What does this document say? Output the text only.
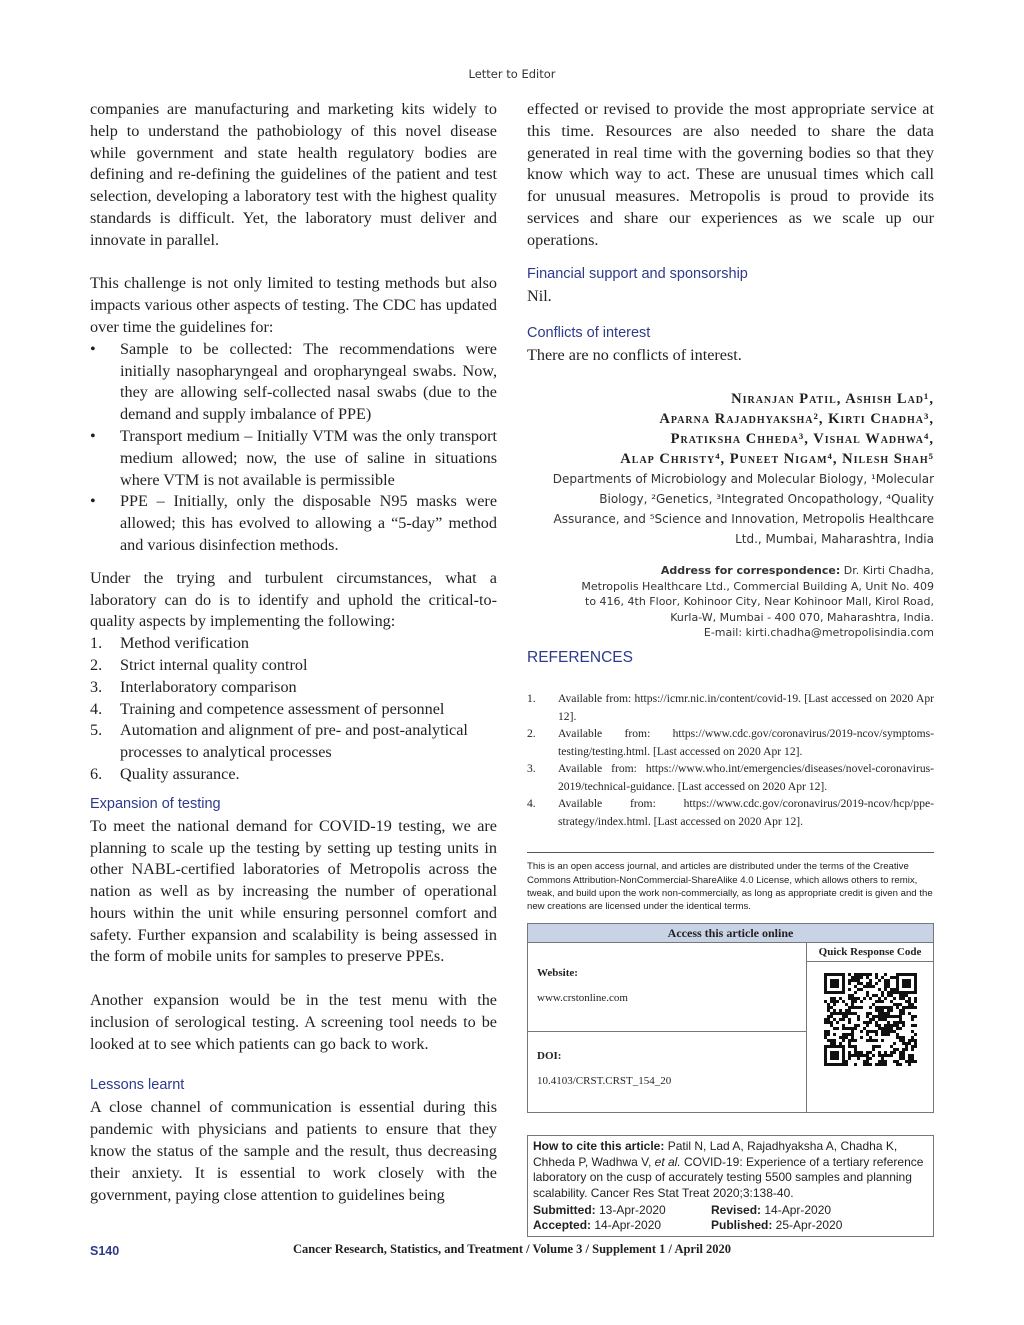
Letter to Editor

companies are manufacturing and marketing kits widely to help to understand the pathobiology of this novel disease while government and state health regulatory bodies are defining and re-defining the guidelines of the patient and test selection, developing a laboratory test with the highest quality standards is difficult. Yet, the laboratory must deliver and innovate in parallel.

This challenge is not only limited to testing methods but also impacts various other aspects of testing. The CDC has updated over time the guidelines for:

• Sample to be collected: The recommendations were initially nasopharyngeal and oropharyngeal swabs. Now, they are allowing self-collected nasal swabs (due to the demand and supply imbalance of PPE)
• Transport medium – Initially VTM was the only transport medium allowed; now, the use of saline in situations where VTM is not available is permissible
• PPE – Initially, only the disposable N95 masks were allowed; this has evolved to allowing a “5-day” method and various disinfection methods.

Under the trying and turbulent circumstances, what a laboratory can do is to identify and uphold the critical-to-quality aspects by implementing the following:

1. Method verification
2. Strict internal quality control
3. Interlaboratory comparison
4. Training and competence assessment of personnel
5. Automation and alignment of pre- and post-analytical processes to analytical processes
6. Quality assurance.
Expansion of testing

To meet the national demand for COVID-19 testing, we are planning to scale up the testing by setting up testing units in other NABL-certified laboratories of Metropolis across the nation as well as by increasing the number of operational hours within the unit while ensuring personnel comfort and safety. Further expansion and scalability is being assessed in the form of mobile units for samples to preserve PPEs.

Another expansion would be in the test menu with the inclusion of serological testing. A screening tool needs to be looked at to see which patients can go back to work.

Lessons learnt

A close channel of communication is essential during this pandemic with physicians and patients to ensure that they know the status of the sample and the result, thus decreasing their anxiety. It is essential to work closely with the government, paying close attention to guidelines being

effected or revised to provide the most appropriate service at this time. Resources are also needed to share the data generated in real time with the governing bodies so that they know which way to act. These are unusual times which call for unusual measures. Metropolis is proud to provide its services and share our experiences as we scale up our operations.

Financial support and sponsorship

Nil.

Conflicts of interest

There are no conflicts of interest.

Niranjan Patil, Ashish Lad¹,
Aparna Rajadhyaksha², Kirti Chadha³,
Pratiksha Chheda³, Vishal Wadhwa⁴,
Alap Christy⁴, Puneet Nigam⁴, Nilesh Shah⁵
Departments of Microbiology and Molecular Biology, ¹Molecular
Biology, ²Genetics, ³Integrated Oncopathology, ⁴Quality
Assurance, and ⁵Science and Innovation, Metropolis Healthcare
Ltd., Mumbai, Maharashtra, India
Address for correspondence: Dr. Kirti Chadha,
Metropolis Healthcare Ltd., Commercial Building A, Unit No. 409
to 416, 4th Floor, Kohinoor City, Near Kohinoor Mall, Kirol Road,
Kurla-W, Mumbai - 400 070, Maharashtra, India.
E-mail: kirti.chadha@metropolisindia.com
REFERENCES
1. Available from: https://icmr.nic.in/content/covid-19. [Last accessed on 2020 Apr 12].
2. Available from: https://www.cdc.gov/coronavirus/2019-ncov/symptoms-testing/testing.html. [Last accessed on 2020 Apr 12].
3. Available from: https://www.who.int/emergencies/diseases/novel-coronavirus-2019/technical-guidance. [Last accessed on 2020 Apr 12].
4. Available from: https://www.cdc.gov/coronavirus/2019-ncov/hcp/ppe-strategy/index.html. [Last accessed on 2020 Apr 12].
This is an open access journal, and articles are distributed under the terms of the Creative Commons Attribution-NonCommercial-ShareAlike 4.0 License, which allows others to remix, tweak, and build upon the work non-commercially, as long as appropriate credit is given and the new creations are licensed under the identical terms.
Access this article online
Website:
www.crstonline.com
DOI:
10.4103/CRST.CRST_154_20
Quick Response Code
How to cite this article: Patil N, Lad A, Rajadhyaksha A, Chadha K, Chheda P, Wadhwa V, et al. COVID-19: Experience of a tertiary reference laboratory on the cusp of accurately testing 5500 samples and planning scalability. Cancer Res Stat Treat 2020;3:138-40.
Submitted: 13-Apr-2020	Revised: 14-Apr-2020
Accepted: 14-Apr-2020	Published: 25-Apr-2020
S140	Cancer Research, Statistics, and Treatment / Volume 3 / Supplement 1 / April 2020
